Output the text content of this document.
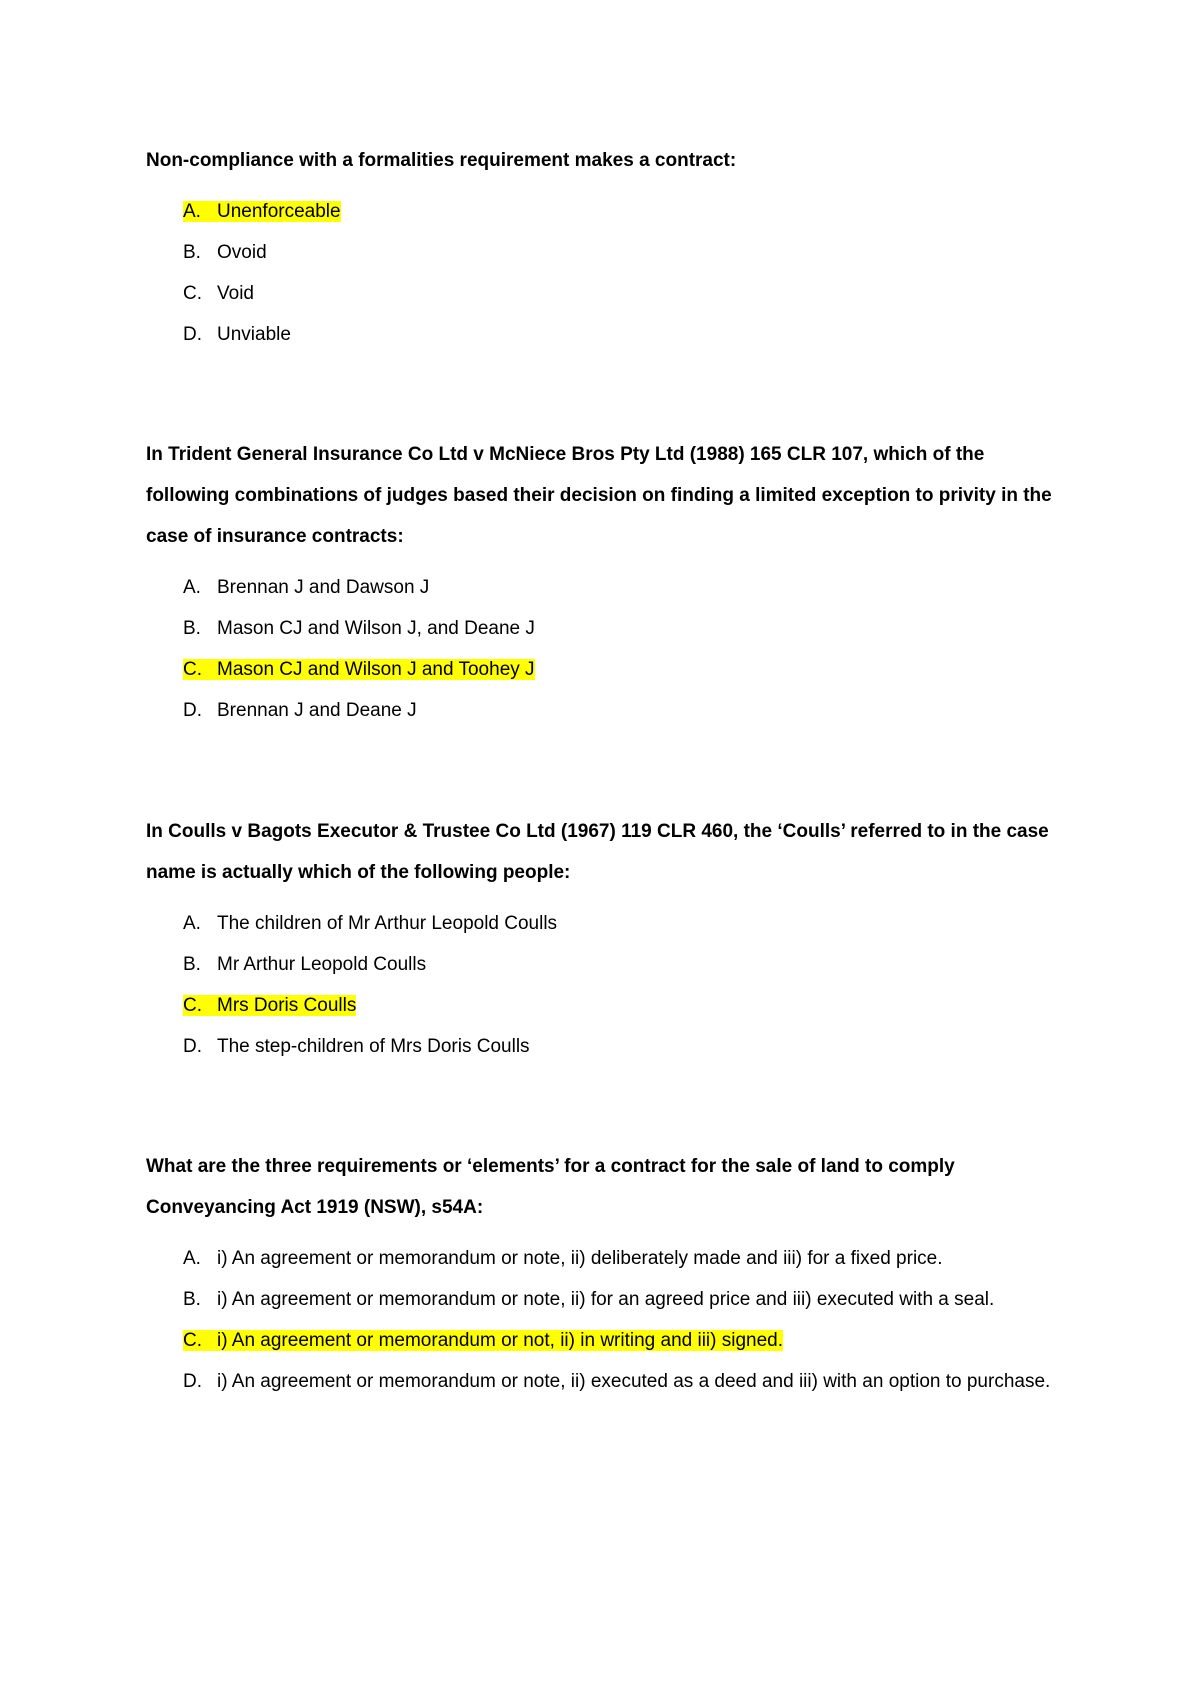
Non-compliance with a formalities requirement makes a contract:

A. Unenforceable
B. Ovoid
C. Void
D. Unviable

In Trident General Insurance Co Ltd v McNiece Bros Pty Ltd (1988) 165 CLR 107, which of the following combinations of judges based their decision on finding a limited exception to privity in the case of insurance contracts:

A. Brennan J and Dawson J
B. Mason CJ and Wilson J, and Deane J
C. Mason CJ and Wilson J and Toohey J
D. Brennan J and Deane J

In Coulls v Bagots Executor & Trustee Co Ltd (1967) 119 CLR 460, the ‘Coulls’ referred to in the case name is actually which of the following people:

A. The children of Mr Arthur Leopold Coulls
B. Mr Arthur Leopold Coulls
C. Mrs Doris Coulls
D. The step-children of Mrs Doris Coulls

What are the three requirements or ‘elements’ for a contract for the sale of land to comply Conveyancing Act 1919 (NSW), s54A:

A. i) An agreement or memorandum or note, ii) deliberately made and iii) for a fixed price.
B. i) An agreement or memorandum or note, ii) for an agreed price and iii) executed with a seal.
C. i) An agreement or memorandum or not, ii) in writing and iii) signed.
D. i) An agreement or memorandum or note, ii) executed as a deed and iii) with an option to purchase.
